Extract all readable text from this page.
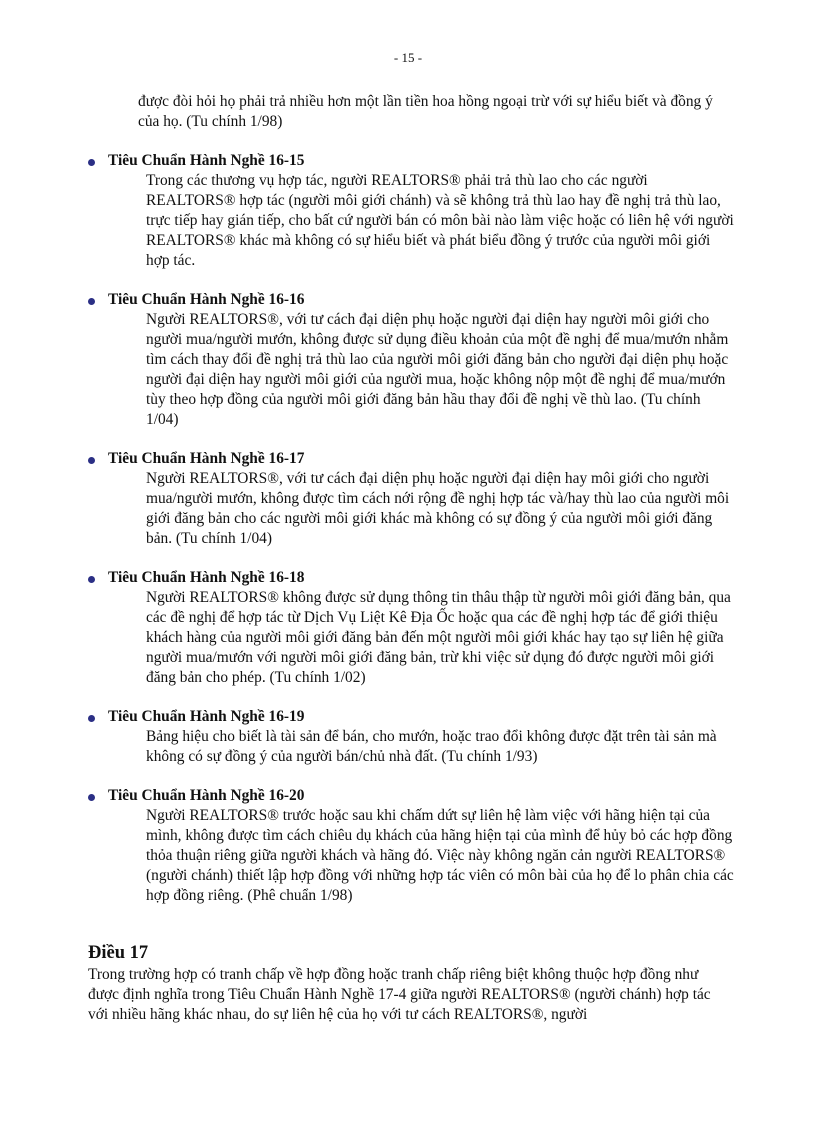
- 15 -
được đòi hỏi họ phải trả nhiều hơn một lần tiền hoa hồng ngoại trừ với sự hiểu biết và đồng ý của họ. (Tu chính 1/98)
Tiêu Chuẩn Hành Nghề 16-15
Trong các thương vụ hợp tác, người REALTORS® phải trả thù lao cho các người REALTORS® hợp tác (người môi giới chánh) và sẽ không trả thù lao hay đề nghị trả thù lao, trực tiếp hay gián tiếp, cho bất cứ người bán có môn bài nào làm việc hoặc có liên hệ với người REALTORS® khác mà không có sự hiểu biết và phát biểu đồng ý trước của người môi giới hợp tác.
Tiêu Chuẩn Hành Nghề 16-16
Người REALTORS®, với tư cách đại diện phụ hoặc người đại diện hay người môi giới cho người mua/người mướn, không được sử dụng điều khoản của một đề nghị để mua/mướn nhằm tìm cách thay đổi đề nghị trả thù lao của người môi giới đăng bản cho người đại diện phụ hoặc người đại diện hay người môi giới của người mua, hoặc không nộp một đề nghị để mua/mướn tùy theo hợp đồng của người môi giới đăng bản hầu thay đổi đề nghị về thù lao. (Tu chính 1/04)
Tiêu Chuẩn Hành Nghề 16-17
Người REALTORS®, với tư cách đại diện phụ hoặc người đại diện hay môi giới cho người mua/người mướn, không được tìm cách nới rộng đề nghị hợp tác và/hay thù lao của người môi giới đăng bản cho các người môi giới khác mà không có sự đồng ý của người môi giới đăng bản. (Tu chính 1/04)
Tiêu Chuẩn Hành Nghề 16-18
Người REALTORS® không được sử dụng thông tin thâu thập từ người môi giới đăng bản, qua các đề nghị để hợp tác từ Dịch Vụ Liệt Kê Địa Ốc hoặc qua các đề nghị hợp tác để giới thiệu khách hàng của người môi giới đăng bản đến một người môi giới khác hay tạo sự liên hệ giữa người mua/mướn với người môi giới đăng bản, trừ khi việc sử dụng đó được người môi giới đăng bản cho phép. (Tu chính 1/02)
Tiêu Chuẩn Hành Nghề 16-19
Bảng hiệu cho biết là tài sản để bán, cho mướn, hoặc trao đổi không được đặt trên tài sản mà không có sự đồng ý của người bán/chủ nhà đất. (Tu chính 1/93)
Tiêu Chuẩn Hành Nghề 16-20
Người REALTORS® trước hoặc sau khi chấm dứt sự liên hệ làm việc với hãng hiện tại của mình, không được tìm cách chiêu dụ khách của hãng hiện tại của mình để hủy bỏ các hợp đồng thỏa thuận riêng giữa người khách và hãng đó. Việc này không ngăn cản người REALTORS® (người chánh) thiết lập hợp đồng với những hợp tác viên có môn bài của họ để lo phân chia các hợp đồng riêng. (Phê chuẩn 1/98)
Điều 17
Trong trường hợp có tranh chấp về hợp đồng hoặc tranh chấp riêng biệt không thuộc hợp đồng như được định nghĩa trong Tiêu Chuẩn Hành Nghề 17-4 giữa người REALTORS® (người chánh) hợp tác với nhiều hãng khác nhau, do sự liên hệ của họ với tư cách REALTORS®, người
